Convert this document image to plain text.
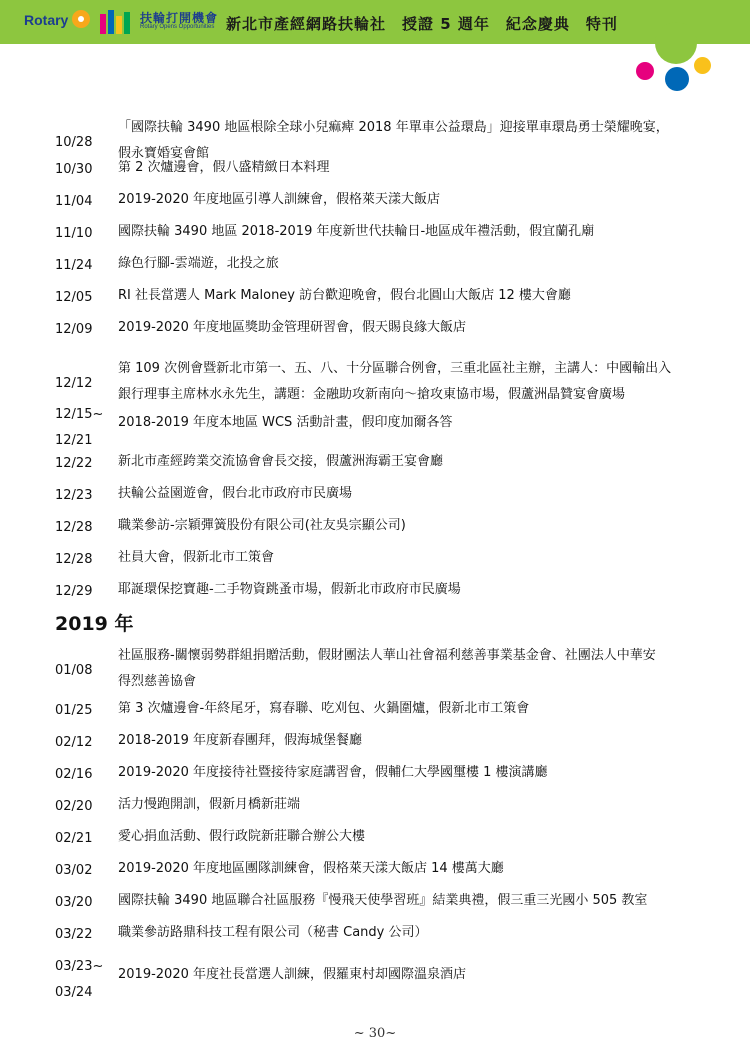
Rotary	扶輪打開機會
Rotary Opens Opportunities 新北市產經網路扶輪社　授證 5 週年　紀念慶典　特刊
10/28
「國際扶輪 3490 地區根除全球小兒痲痺 2018 年單車公益環島」迎接單車環島勇士榮耀晚宴，
假永寶婚宴會館
10/30 第 2 次爐邊會，假八盛精緻日本料理
11/04 2019-2020 年度地區引導人訓練會，假格萊天漾大飯店
11/10 國際扶輪 3490 地區 2018-2019 年度新世代扶輪日-地區成年禮活動，假宜蘭孔廟
11/24 綠色行腳-雲端遊，北投之旅
12/05 RI 社長當選人 Mark Maloney 訪台歡迎晚會，假台北圓山大飯店 12 樓大會廳
12/09 2019-2020 年度地區獎助金管理研習會，假天賜良緣大飯店
12/12
第 109 次例會暨新北市第一、五、八、十分區聯合例會，三重北區社主辦，主講人：中國輸出入
銀行理事主席林水永先生，講題：金融助攻新南向～搶攻東協市場，假蘆洲晶贊宴會廣場
12/21
12/15~
2018-2019 年度本地區 WCS 活動計畫，假印度加爾各答
12/22 新北市產經跨業交流協會會長交接，假蘆洲海霸王宴會廳
12/23 扶輪公益園遊會，假台北市政府市民廣場
12/28 職業參訪-宗穎彈簧股份有限公司(社友吳宗顯公司)
12/28 社員大會，假新北市工策會
12/29 耶誕環保挖寶趣-二手物資跳蚤市場，假新北市政府市民廣場
01/08
社區服務-關懷弱勢群組捐贈活動，假財團法人華山社會福利慈善事業基金會、社團法人中華安
得烈慈善協會
01/25 第 3 次爐邊會-年終尾牙，寫春聯、吃刈包、火鍋圍爐，假新北市工策會
02/12 2018-2019 年度新春團拜，假海城堡餐廳
02/16 2019-2020 年度接待社暨接待家庭講習會，假輔仁大學國璽樓 1 樓演講廳
02/20 活力慢跑開訓，假新月橋新莊端
02/21 愛心捐血活動、假行政院新莊聯合辦公大樓
03/02 2019-2020 年度地區團隊訓練會，假格萊天漾大飯店 14 樓萬大廳
03/20 國際扶輪 3490 地區聯合社區服務『慢飛天使學習班』結業典禮，假三重三光國小 505 教室
03/22 職業參訪路鼎科技工程有限公司（秘書 Candy 公司）
03/24
03/23~
2019-2020 年度社長當選人訓練，假羅東村却國際溫泉酒店
2019 年
~ 30~
